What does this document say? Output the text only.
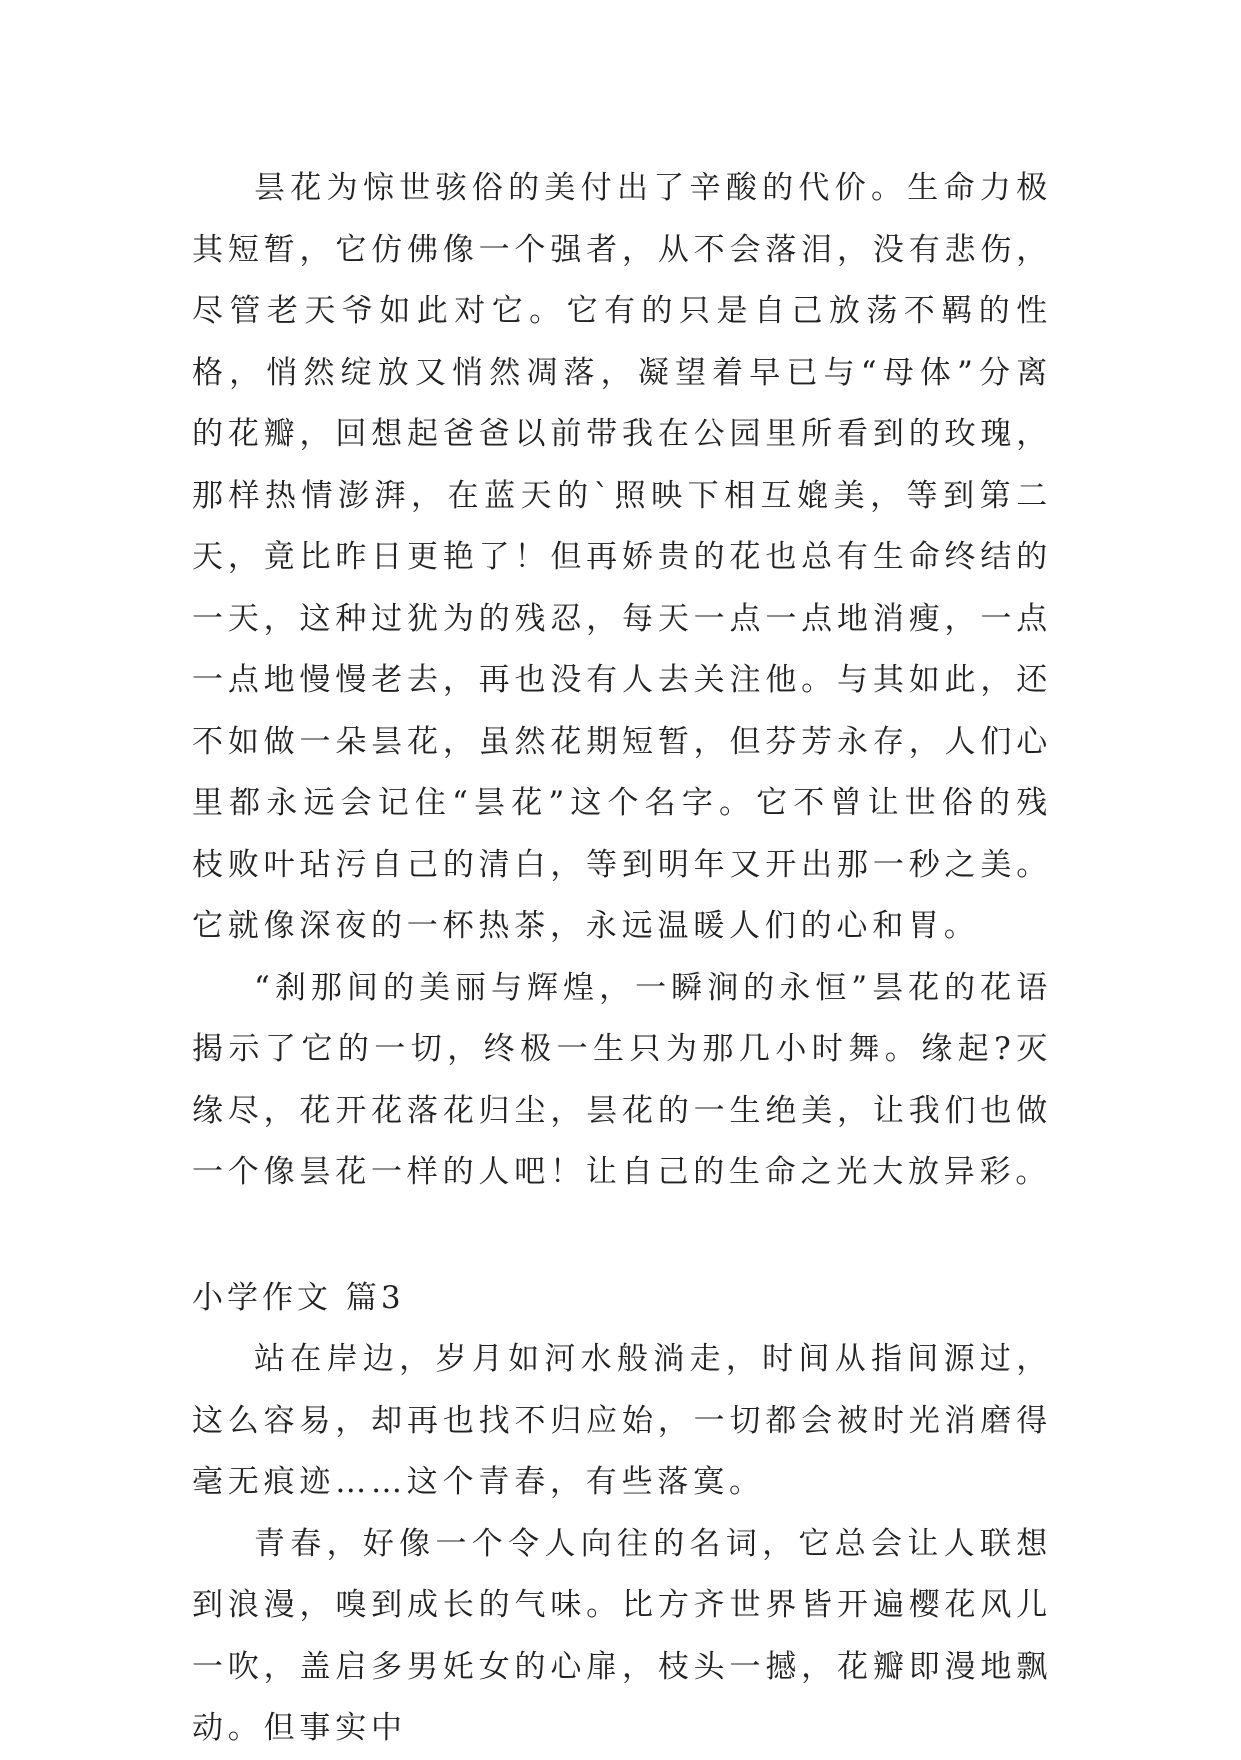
昙花为惊世骇俗的美付出了辛酸的代价。生命力极其短暂，它仿佛像一个强者，从不会落泪，没有悲伤，尽管老天爷如此对它。它有的只是自己放荡不羁的性格，悄然绽放又悄然凋落，凝望着早已与“母体”分离的花瓣，回想起爸爸以前带我在公园里所看到的玫瑰，那样热情澎湃，在蓝天的`照映下相互媲美，等到第二天，竟比昨日更艳了！但再娇贵的花也总有生命终结的一天，这种过犹为的残忍，每天一点一点地消瘦，一点一点地慢慢老去，再也没有人去关注他。与其如此，还不如做一朵昙花，虽然花期短暂，但芬芳永存，人们心里都永远会记住“昙花”这个名字。它不曾让世俗的残枝败叶玷污自己的清白，等到明年又开出那一秒之美。它就像深夜的一杯热茶，永远温暖人们的心和胃。

“刹那间的美丽与辉煌，一瞬涧的永恒”昙花的花语揭示了它的一切，终极一生只为那几小时舞。缘起?灭缘尽，花开花落花归尘，昙花的一生绝美，让我们也做一个像昙花一样的人吧！让自己的生命之光大放异彩。

小学作文 篇3

站在岸边，岁月如河水般淌走，时间从指间源过，这么容易，却再也找不归应始，一切都会被时光消磨得毫无痕迹……这个青春，有些落寞。

青春，好像一个令人向往的名词，它总会让人联想到浪漫，嗅到成长的气味。比方齐世界皆开遍樱花风儿一吹，盖启多男奼女的心扉，枝头一撼，花瓣即漫地飘动。但事实中
